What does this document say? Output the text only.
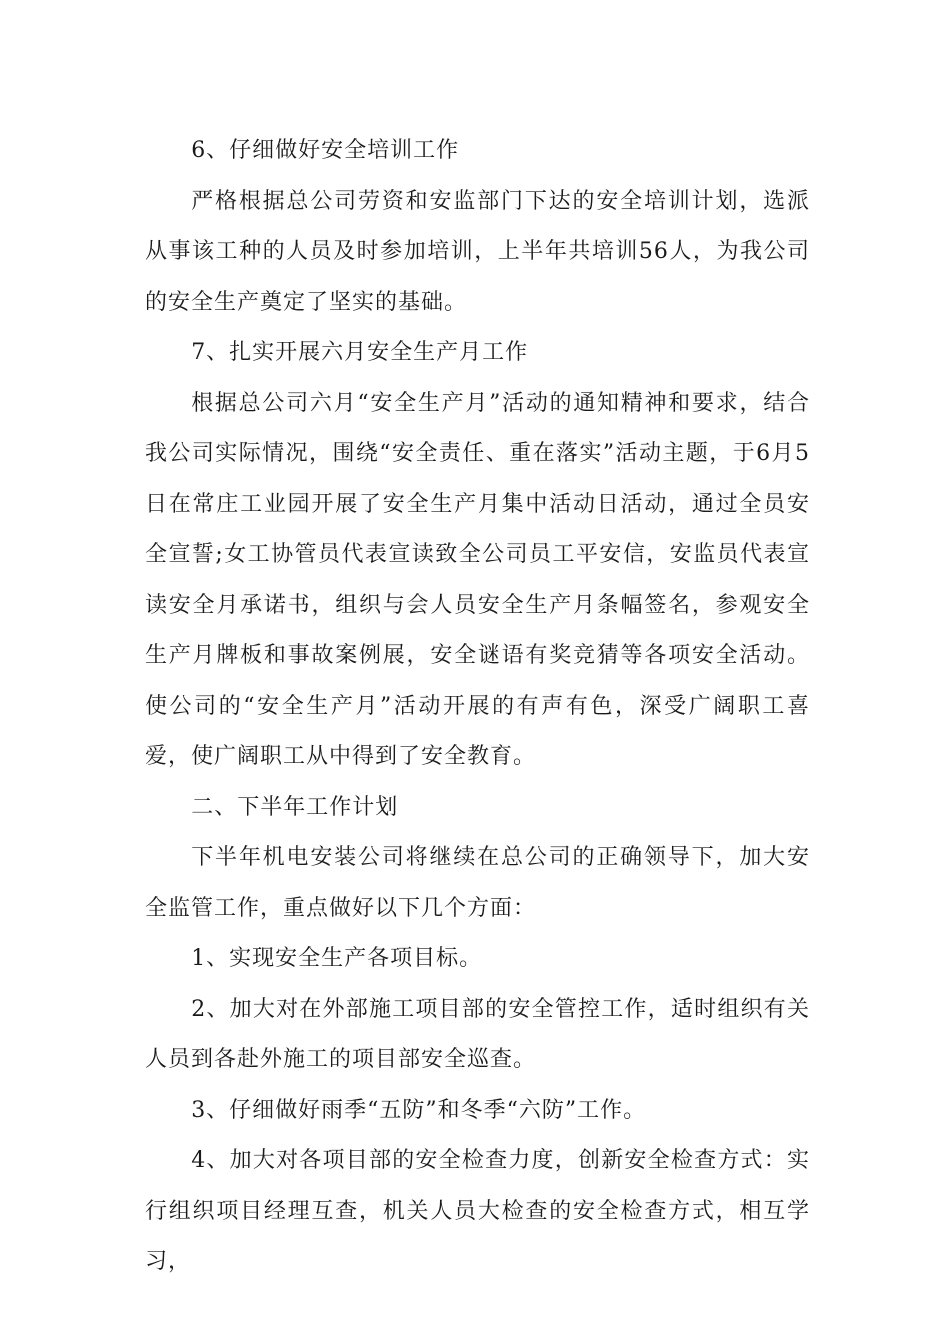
6、仔细做好安全培训工作

严格根据总公司劳资和安监部门下达的安全培训计划，选派从事该工种的人员及时参加培训，上半年共培训56人，为我公司的安全生产奠定了坚实的基础。

7、扎实开展六月安全生产月工作

根据总公司六月“安全生产月”活动的通知精神和要求，结合我公司实际情况，围绕“安全责任、重在落实”活动主题，于6月5日在常庄工业园开展了安全生产月集中活动日活动，通过全员安全宣誓;女工协管员代表宣读致全公司员工平安信，安监员代表宣读安全月承诺书，组织与会人员安全生产月条幅签名，参观安全生产月牌板和事故案例展，安全谜语有奖竞猜等各项安全活动。使公司的“安全生产月”活动开展的有声有色，深受广阔职工喜爱，使广阔职工从中得到了安全教育。

二、下半年工作计划

下半年机电安装公司将继续在总公司的正确领导下，加大安全监管工作，重点做好以下几个方面：

1、实现安全生产各项目标。

2、加大对在外部施工项目部的安全管控工作，适时组织有关人员到各赴外施工的项目部安全巡查。

3、仔细做好雨季“五防”和冬季“六防”工作。

4、加大对各项目部的安全检查力度，创新安全检查方式：实行组织项目经理互查，机关人员大检查的安全检查方式，相互学习，
